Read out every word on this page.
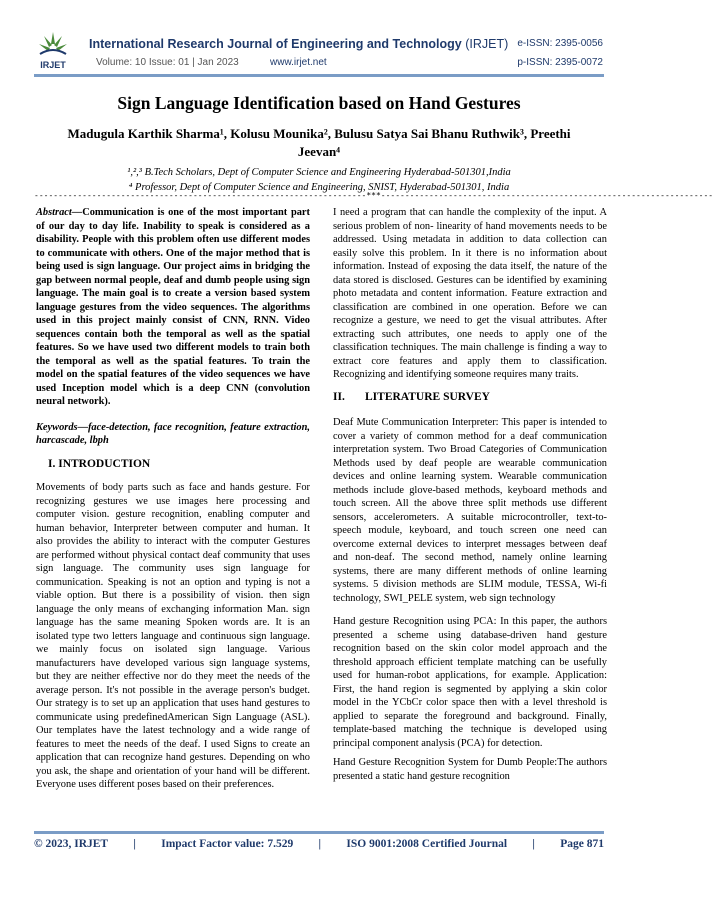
IRJET
International Research Journal of Engineering and Technology (IRJET) e-ISSN: 2395-0056
Volume: 10 Issue: 01 | Jan 2023	www.irjet.net	p-ISSN: 2395-0072
Sign Language Identification based on Hand Gestures
Madugula Karthik Sharma¹, Kolusu Mounika², Bulusu Satya Sai Bhanu Ruthwik³, Preethi
Jeevan⁴
¹,²,³ B.Tech Scholars, Dept of Computer Science and Engineering Hyderabad-501301,India
⁴ Professor, Dept of Computer Science and Engineering, SNIST, Hyderabad-501301, India
---------------------------------------------------------------------***---------------------------------------------------------------------

Abstract—Communication is one of the most important part of our day to day life. Inability to speak is considered as a disability. People with this problem often use different modes to communicate with others. One of the major method that is being used is sign language. Our project aims in bridging the gap between normal people, deaf and dumb people using sign language. The main goal is to create a version based system language gestures from the video sequences. The algorithms used in this project mainly consist of CNN, RNN. Video sequences contain both the temporal as well as the spatial features. So we have used two different models to train both the temporal as well as the spatial features. To train the model on the spatial features of the video sequences we have used Inception model which is a deep CNN (convolution neural network).

Keywords—face-detection, face recognition, feature extraction, harcascade, lbph

I. INTRODUCTION

Movements of body parts such as face and hands gesture. For recognizing gestures we use images here processing and computer vision. gesture recognition, enabling computer and human behavior, Interpreter between computer and human. It also provides the ability to interact with the computer Gestures are performed without physical contact deaf community that uses sign language. The community uses sign language for communication. Speaking is not an option and typing is not a viable option. But there is a possibility of vision. then sign language the only means of exchanging information Man. sign language has the same meaning Spoken words are. It is an isolated type two letters language and continuous sign language. we mainly focus on isolated sign language. Various manufacturers have developed various sign language systems, but they are neither effective nor do they meet the needs of the average person. It's not possible in the average person's budget. Our strategy is to set up an application that uses hand gestures to communicate using predefinedAmerican Sign Language (ASL). Our templates have the latest technology and a wide range of features to meet the needs of the deaf. I used Signs to create an application that can recognize hand gestures. Depending on who you ask, the shape and orientation of your hand will be different. Everyone uses different poses based on their preferences.

I need a program that can handle the complexity of the input. A serious problem of non- linearity of hand movements needs to be addressed. Using metadata in addition to data collection can easily solve this problem. In it there is no information about information. Instead of exposing the data itself, the nature of the data stored is disclosed. Gestures can be identified by examining photo metadata and content information. Feature extraction and classification are combined in one operation. Before we can recognize a gesture, we need to get the visual attributes. After extracting such attributes, one needs to apply one of the classification techniques. The main challenge is finding a way to extract core features and apply them to classification. Recognizing and identifying someone requires many traits.

II. LITERATURE SURVEY

Deaf Mute Communication Interpreter: This paper is intended to cover a variety of common method for a deaf communication interpretation system. Two Broad Categories of Communication Methods used by deaf people are wearable communication devices and online learning system. Wearable communication methods include glove-based methods, keyboard methods and touch screen. All the above three split methods use different sensors, accelerometers. A suitable microcontroller, text-to-speech module, keyboard, and touch screen one need can overcome external devices to interpret messages between deaf and non-deaf. The second method, namely online learning systems, there are many different methods of online learning systems. 5 division methods are SLIM module, TESSA, Wi-fi technology, SWI_PELE system, web sign technology

Hand gesture Recognition using PCA: In this paper, the authors presented a scheme using database-driven hand gesture recognition based on the skin color model approach and the threshold approach efficient template matching can be usefully used for human-robot applications, for example. Application: First, the hand region is segmented by applying a skin color model in the YCbCr color space then with a level threshold is applied to separate the foreground and background. Finally, template-based matching the technique is developed using principal component analysis (PCA) for detection.

Hand Gesture Recognition System for Dumb People:The authors presented a static hand gesture recognition

© 2023, IRJET | Impact Factor value: 7.529 | ISO 9001:2008 Certified Journal | Page 871
